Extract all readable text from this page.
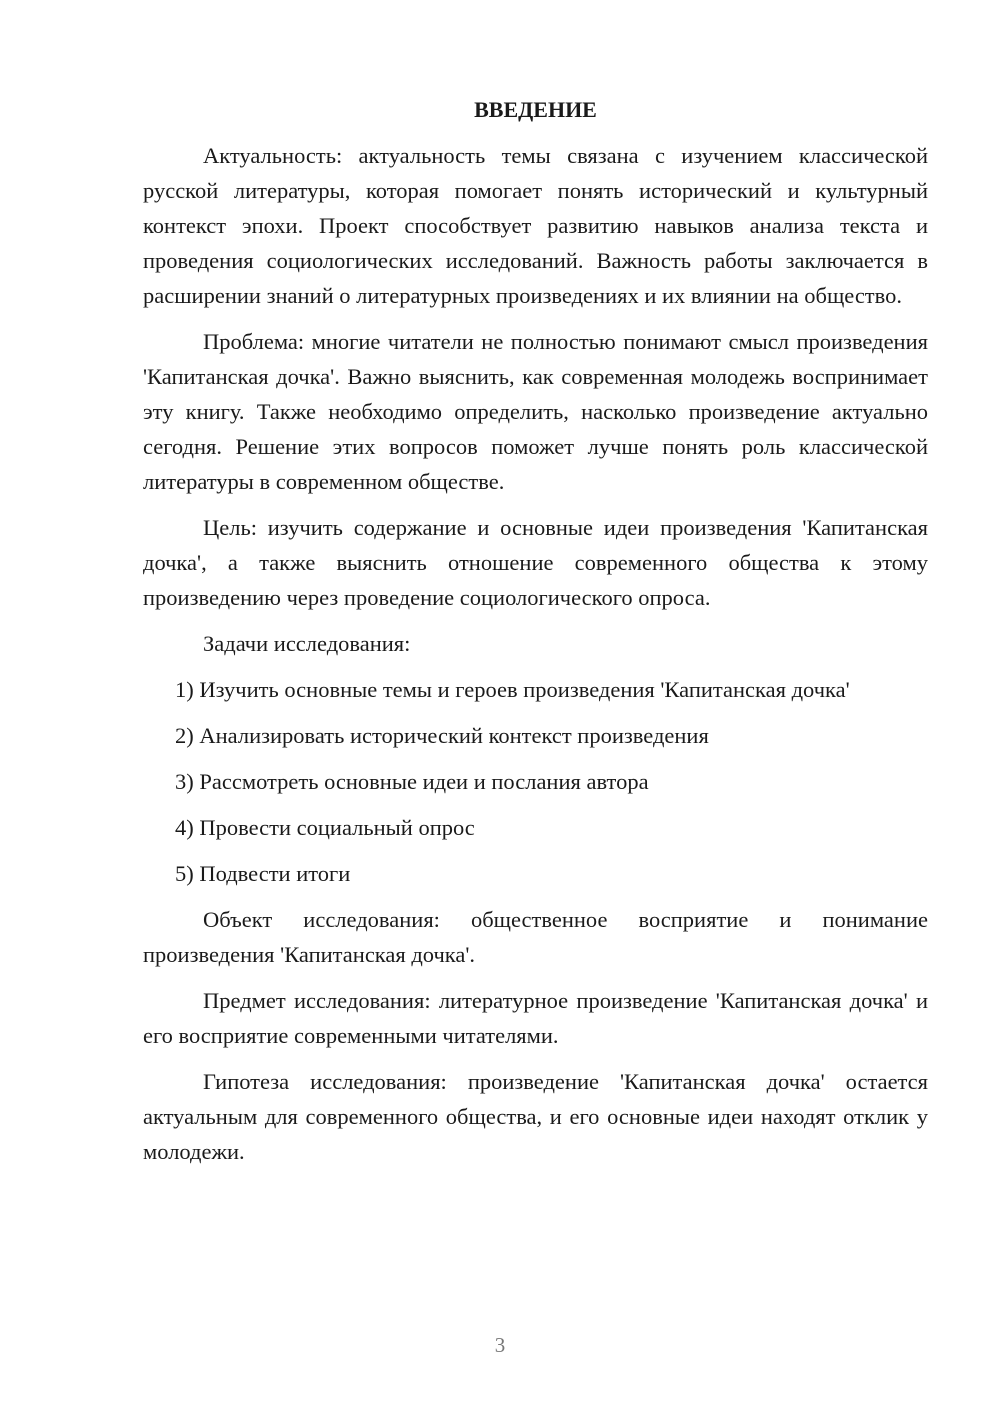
ВВЕДЕНИЕ

Актуальность: актуальность темы связана с изучением классической русской литературы, которая помогает понять исторический и культурный контекст эпохи. Проект способствует развитию навыков анализа текста и проведения социологических исследований. Важность работы заключается в расширении знаний о литературных произведениях и их влиянии на общество.

Проблема: многие читатели не полностью понимают смысл произведения 'Капитанская дочка'. Важно выяснить, как современная молодежь воспринимает эту книгу. Также необходимо определить, насколько произведение актуально сегодня. Решение этих вопросов поможет лучше понять роль классической литературы в современном обществе.

Цель: изучить содержание и основные идеи произведения 'Капитанская дочка', а также выяснить отношение современного общества к этому произведению через проведение социологического опроса.

Задачи исследования:

1) Изучить основные темы и героев произведения 'Капитанская дочка'

2) Анализировать исторический контекст произведения

3) Рассмотреть основные идеи и послания автора

4) Провести социальный опрос

5) Подвести итоги

Объект исследования: общественное восприятие и понимание произведения 'Капитанская дочка'.

Предмет исследования: литературное произведение 'Капитанская дочка' и его восприятие современными читателями.

Гипотеза исследования: произведение 'Капитанская дочка' остается актуальным для современного общества, и его основные идеи находят отклик у молодежи.

3
